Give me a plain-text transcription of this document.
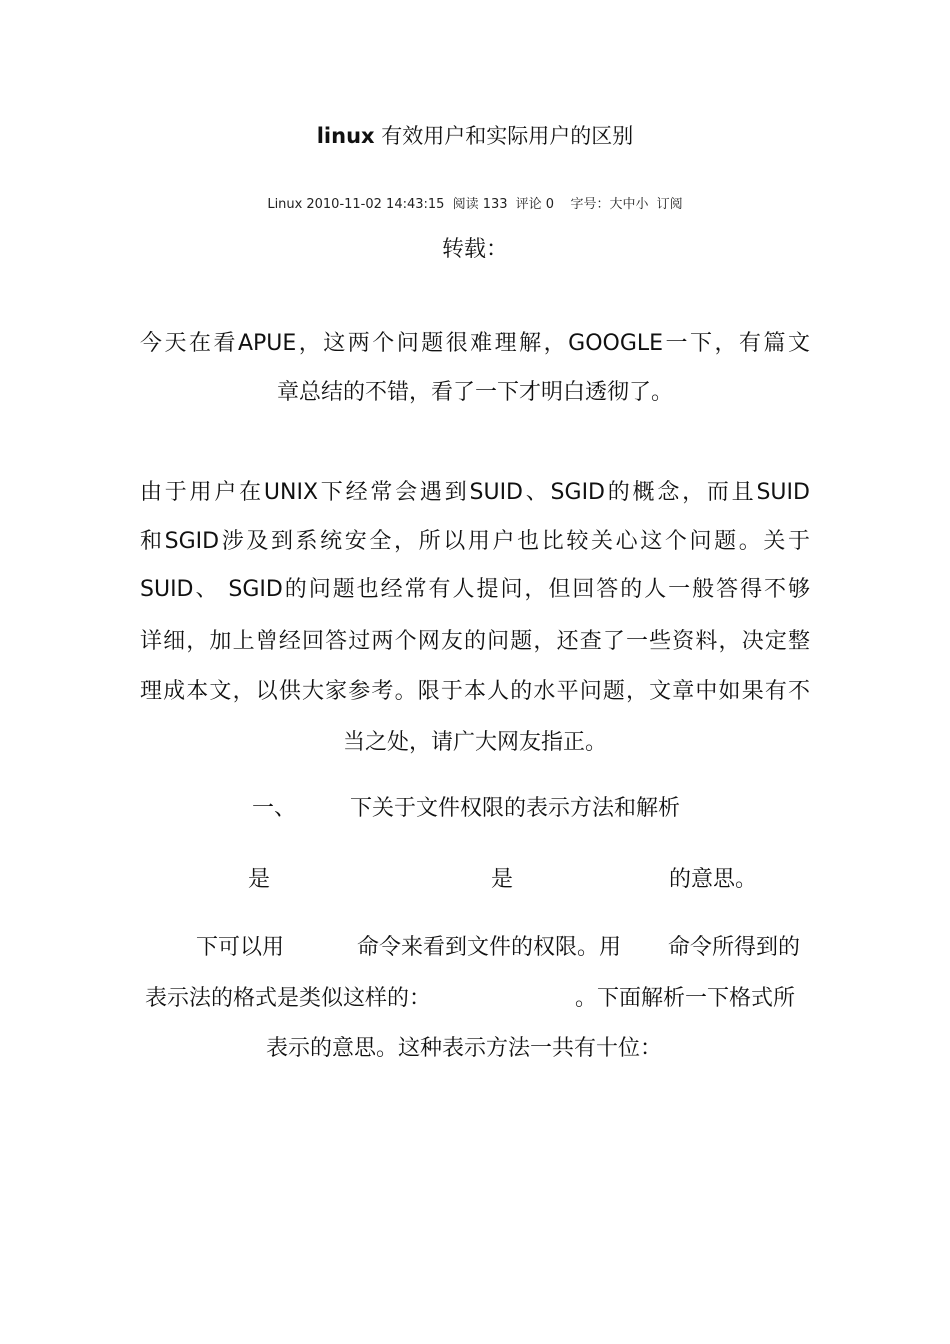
linux 有效用户和实际用户的区别
Linux 2010-11-02 14:43:15 阅读 133 评论 0 字号：大中小 订阅
转载：
今天在看APUE，这两个问题很难理解，GOOGLE一下，有篇文
章总结的不错，看了一下才明白透彻了。
由于用户在UNIX下经常会遇到SUID、SGID的概念，而且SUID
和SGID涉及到系统安全，所以用户也比较关心这个问题。关于
SUID、 SGID的问题也经常有人提问，但回答的人一般答得不够
详细，加上曾经回答过两个网友的问题，还查了一些资料，决定整
理成本文，以供大家参考。限于本人的水平问题，文章中如果有不
当之处，请广大网友指正。
一、 下关于文件权限的表示方法和解析
是	是	的意思。
下可以用	命令来看到文件的权限。用 命令所得到的
表示法的格式是类似这样的：	。下面解析一下格式所
表示的意思。这种表示方法一共有十位：
